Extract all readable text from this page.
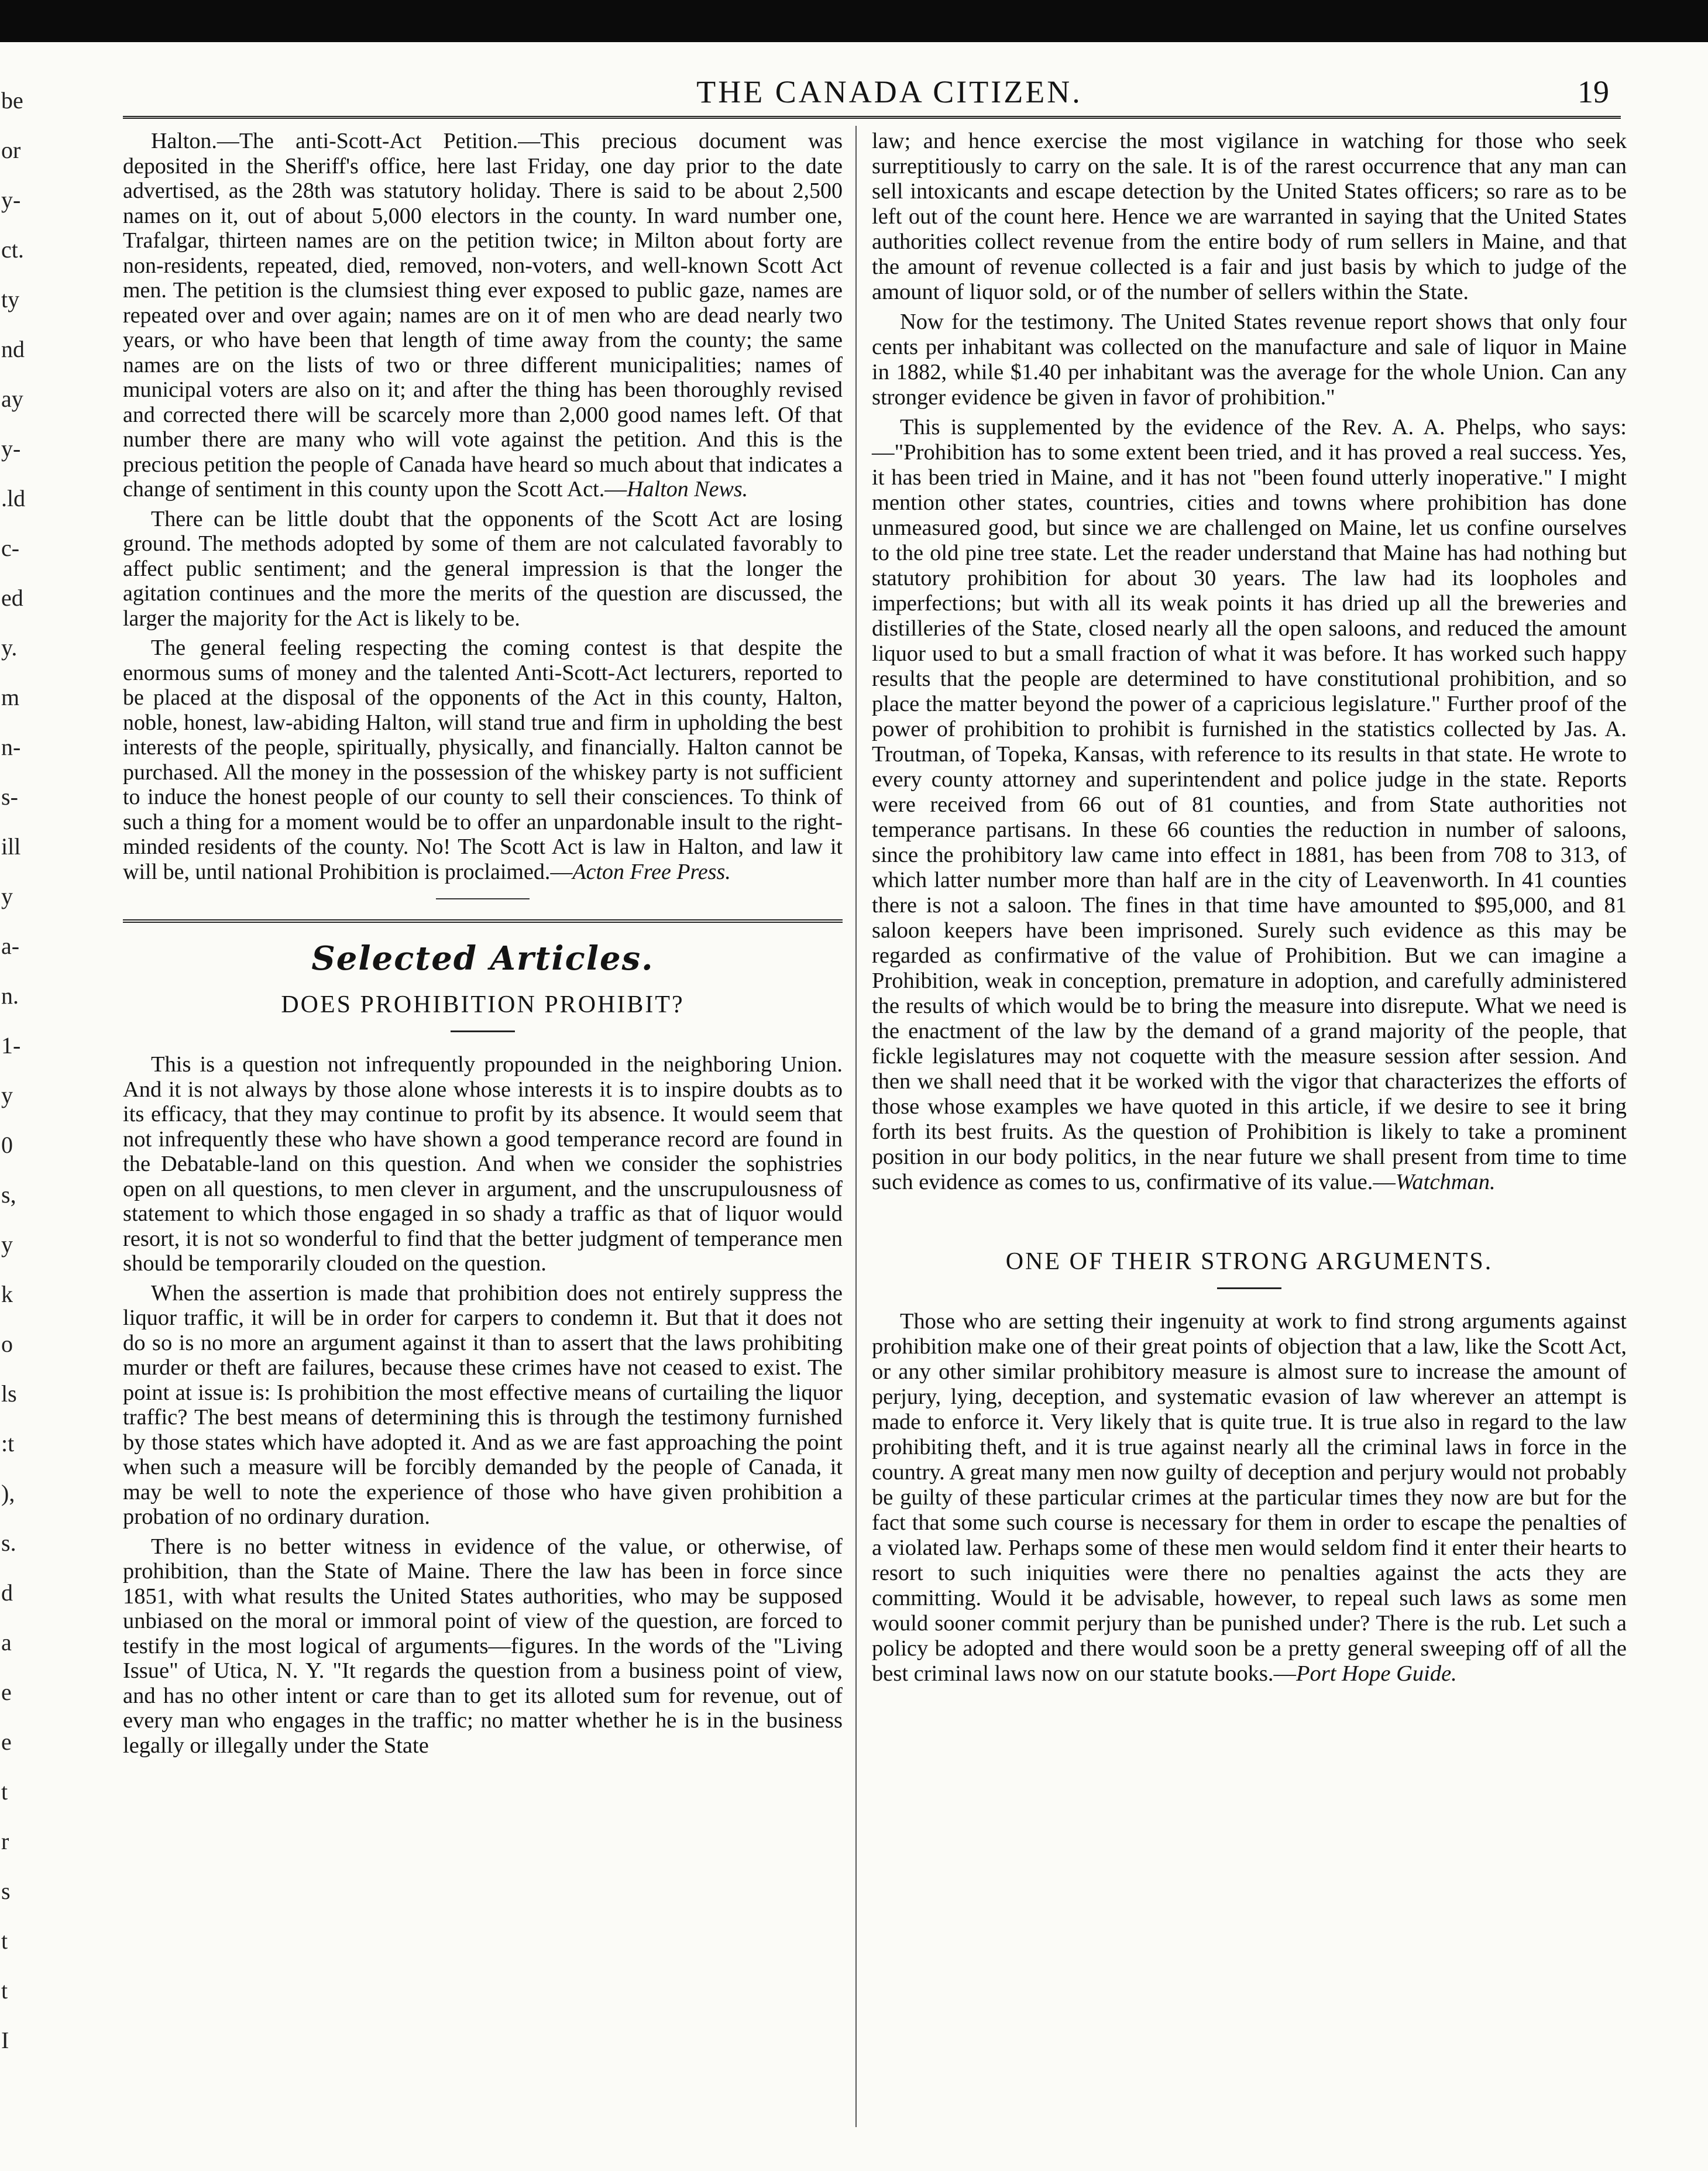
be
or
y-
ct.
ty
nd
ay
y-
.ld
c-
ed
y.
m
n-
s-
ill
y
a-
n.
1-
y
0
s,
y
k
o
ls
:t
),
s.
d
a
e
e
t
r
s
t
t
I
THE CANADA CITIZEN.	19

Halton.—The anti-Scott-Act Petition.—This precious document was deposited in the Sheriff's office, here last Friday, one day prior to the date advertised, as the 28th was statutory holiday. There is said to be about 2,500 names on it, out of about 5,000 electors in the county. In ward number one, Trafalgar, thirteen names are on the petition twice; in Milton about forty are non-residents, repeated, died, removed, non-voters, and well-known Scott Act men. The petition is the clumsiest thing ever exposed to public gaze, names are repeated over and over again; names are on it of men who are dead nearly two years, or who have been that length of time away from the county; the same names are on the lists of two or three different municipalities; names of municipal voters are also on it; and after the thing has been thoroughly revised and corrected there will be scarcely more than 2,000 good names left. Of that number there are many who will vote against the petition. And this is the precious petition the people of Canada have heard so much about that indicates a change of sentiment in this county upon the Scott Act.—Halton News.

There can be little doubt that the opponents of the Scott Act are losing ground. The methods adopted by some of them are not calculated favorably to affect public sentiment; and the general impression is that the longer the agitation continues and the more the merits of the question are discussed, the larger the majority for the Act is likely to be.

The general feeling respecting the coming contest is that despite the enormous sums of money and the talented Anti-Scott-Act lecturers, reported to be placed at the disposal of the opponents of the Act in this county, Halton, noble, honest, law-abiding Halton, will stand true and firm in upholding the best interests of the people, spiritually, physically, and financially. Halton cannot be purchased. All the money in the possession of the whiskey party is not sufficient to induce the honest people of our county to sell their consciences. To think of such a thing for a moment would be to offer an unpardonable insult to the right-minded residents of the county. No! The Scott Act is law in Halton, and law it will be, until national Prohibition is proclaimed.—Acton Free Press.

Selected Articles.
DOES PROHIBITION PROHIBIT?

This is a question not infrequently propounded in the neighboring Union. And it is not always by those alone whose interests it is to inspire doubts as to its efficacy, that they may continue to profit by its absence. It would seem that not infrequently these who have shown a good temperance record are found in the Debatable-land on this question. And when we consider the sophistries open on all questions, to men clever in argument, and the unscrupulousness of statement to which those engaged in so shady a traffic as that of liquor would resort, it is not so wonderful to find that the better judgment of temperance men should be temporarily clouded on the question.

When the assertion is made that prohibition does not entirely suppress the liquor traffic, it will be in order for carpers to condemn it. But that it does not do so is no more an argument against it than to assert that the laws prohibiting murder or theft are failures, because these crimes have not ceased to exist. The point at issue is: Is prohibition the most effective means of curtailing the liquor traffic? The best means of determining this is through the testimony furnished by those states which have adopted it. And as we are fast approaching the point when such a measure will be forcibly demanded by the people of Canada, it may be well to note the experience of those who have given prohibition a probation of no ordinary duration.

There is no better witness in evidence of the value, or otherwise, of prohibition, than the State of Maine. There the law has been in force since 1851, with what results the United States authorities, who may be supposed unbiased on the moral or immoral point of view of the question, are forced to testify in the most logical of arguments—figures. In the words of the "Living Issue" of Utica, N. Y. "It regards the question from a business point of view, and has no other intent or care than to get its alloted sum for revenue, out of every man who engages in the traffic; no matter whether he is in the business legally or illegally under the State

law; and hence exercise the most vigilance in watching for those who seek surreptitiously to carry on the sale. It is of the rarest occurrence that any man can sell intoxicants and escape detection by the United States officers; so rare as to be left out of the count here. Hence we are warranted in saying that the United States authorities collect revenue from the entire body of rum sellers in Maine, and that the amount of revenue collected is a fair and just basis by which to judge of the amount of liquor sold, or of the number of sellers within the State.

Now for the testimony. The United States revenue report shows that only four cents per inhabitant was collected on the manufacture and sale of liquor in Maine in 1882, while $1.40 per inhabitant was the average for the whole Union. Can any stronger evidence be given in favor of prohibition."

This is supplemented by the evidence of the Rev. A. A. Phelps, who says:—"Prohibition has to some extent been tried, and it has proved a real success. Yes, it has been tried in Maine, and it has not "been found utterly inoperative." I might mention other states, countries, cities and towns where prohibition has done unmeasured good, but since we are challenged on Maine, let us confine ourselves to the old pine tree state. Let the reader understand that Maine has had nothing but statutory prohibition for about 30 years. The law had its loopholes and imperfections; but with all its weak points it has dried up all the breweries and distilleries of the State, closed nearly all the open saloons, and reduced the amount liquor used to but a small fraction of what it was before. It has worked such happy results that the people are determined to have constitutional prohibition, and so place the matter beyond the power of a capricious legislature." Further proof of the power of prohibition to prohibit is furnished in the statistics collected by Jas. A. Troutman, of Topeka, Kansas, with reference to its results in that state. He wrote to every county attorney and superintendent and police judge in the state. Reports were received from 66 out of 81 counties, and from State authorities not temperance partisans. In these 66 counties the reduction in number of saloons, since the prohibitory law came into effect in 1881, has been from 708 to 313, of which latter number more than half are in the city of Leavenworth. In 41 counties there is not a saloon. The fines in that time have amounted to $95,000, and 81 saloon keepers have been imprisoned. Surely such evidence as this may be regarded as confirmative of the value of Prohibition. But we can imagine a Prohibition, weak in conception, premature in adoption, and carefully administered the results of which would be to bring the measure into disrepute. What we need is the enactment of the law by the demand of a grand majority of the people, that fickle legislatures may not coquette with the measure session after session. And then we shall need that it be worked with the vigor that characterizes the efforts of those whose examples we have quoted in this article, if we desire to see it bring forth its best fruits. As the question of Prohibition is likely to take a prominent position in our body politics, in the near future we shall present from time to time such evidence as comes to us, confirmative of its value.—Watchman.

ONE OF THEIR STRONG ARGUMENTS.

Those who are setting their ingenuity at work to find strong arguments against prohibition make one of their great points of objection that a law, like the Scott Act, or any other similar prohibitory measure is almost sure to increase the amount of perjury, lying, deception, and systematic evasion of law wherever an attempt is made to enforce it. Very likely that is quite true. It is true also in regard to the law prohibiting theft, and it is true against nearly all the criminal laws in force in the country. A great many men now guilty of deception and perjury would not probably be guilty of these particular crimes at the particular times they now are but for the fact that some such course is necessary for them in order to escape the penalties of a violated law. Perhaps some of these men would seldom find it enter their hearts to resort to such iniquities were there no penalties against the acts they are committing. Would it be advisable, however, to repeal such laws as some men would sooner commit perjury than be punished under? There is the rub. Let such a policy be adopted and there would soon be a pretty general sweeping off of all the best criminal laws now on our statute books.—Port Hope Guide.
